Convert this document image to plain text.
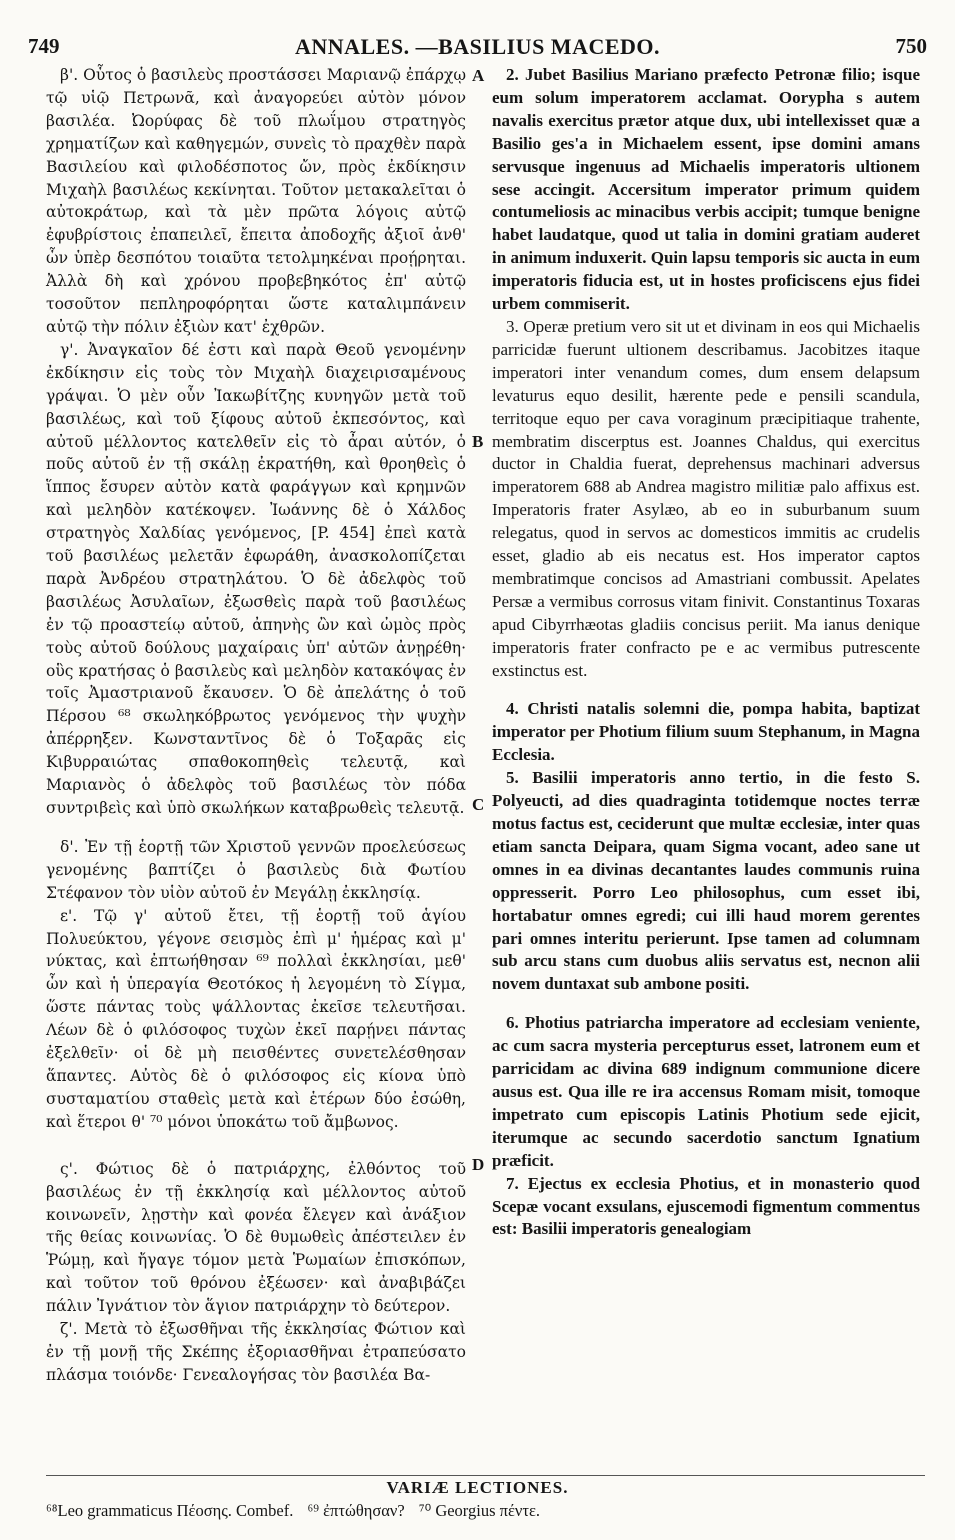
749	ANNALES. —BASILIUS MACEDO.	750

β'. Οὗτος ὁ βασιλεὺς προστάσσει Μαριανῷ ἐπάρχῳ τῷ υἱῷ Πετρωνᾶ, καὶ ἀναγορεύει αὐτὸν μόνον βασιλέα. Ὠορύφας δὲ τοῦ πλωΐμου στρατηγὸς χρηματίζων καὶ καθηγεμών, συνεὶς τὸ πραχθὲν παρὰ Βασιλείου καὶ φιλοδέσποτος ὤν, πρὸς ἐκδίκησιν Μιχαὴλ βασιλέως κεκίνηται. Τοῦτον μετακαλεῖται ὁ αὐτοκράτωρ, καὶ τὰ μὲν πρῶτα λόγοις αὐτῷ ἐφυβρίστοις ἐπαπειλεῖ, ἔπειτα ἀποδοχῆς ἀξιοῖ ἀνθ' ὧν ὑπὲρ δεσπότου τοιαῦτα τετολμηκέναι προῄρηται. Ἀλλὰ δὴ καὶ χρόνου προβεβηκότος ἐπ' αὐτῷ τοσοῦτον πεπληροφόρηται ὥστε καταλιμπάνειν αὐτῷ τὴν πόλιν ἐξιὼν κατ' ἐχθρῶν.

γ'. Ἀναγκαῖον δέ ἐστι καὶ παρὰ Θεοῦ γενομένην ἐκδίκησιν εἰς τοὺς τὸν Μιχαὴλ διαχειρισαμένους γράψαι. Ὁ μὲν οὖν Ἰακωβίτζης κυνηγῶν μετὰ τοῦ βασιλέως, καὶ τοῦ ξίφους αὐτοῦ ἐκπεσόντος, καὶ αὐτοῦ μέλλοντος κατελθεῖν εἰς τὸ ἆραι αὐτόν, ὁ ποῦς αὐτοῦ ἐν τῇ σκάλῃ ἐκρατήθη, καὶ θροηθεὶς ὁ ἵππος ἔσυρεν αὐτὸν κατὰ φαράγγων καὶ κρημνῶν καὶ μεληδὸν κατέκοψεν. Ἰωάννης δὲ ὁ Χάλδος στρατηγὸς Χαλδίας γενόμενος, [P. 454] ἐπεὶ κατὰ τοῦ βασιλέως μελετᾶν ἐφωράθη, ἀνασκολοπίζεται παρὰ Ἀνδρέου στρατηλάτου. Ὁ δὲ ἀδελφὸς τοῦ βασιλέως Ἀσυλαῖων, ἐξωσθεὶς παρὰ τοῦ βασιλέως ἐν τῷ προαστείῳ αὐτοῦ, ἀπηνὴς ὢν καὶ ὠμὸς πρὸς τοὺς αὐτοῦ δούλους μαχαίραις ὑπ' αὐτῶν ἀνῃρέθη· οὓς κρατήσας ὁ βασιλεὺς καὶ μεληδὸν κατακόψας ἐν τοῖς Ἀμαστριανοῦ ἔκαυσεν. Ὁ δὲ ἀπελάτης ὁ τοῦ Πέρσου ⁶⁸ σκωληκόβρωτος γενόμενος τὴν ψυχὴν ἀπέρρηξεν. Κωνσταντῖνος δὲ ὁ Τοξαρᾶς εἰς Κιβυρραιώτας σπαθοκοπηθεὶς τελευτᾷ, καὶ Μαριανὸς ὁ ἀδελφὸς τοῦ βασιλέως τὸν πόδα συντριβεὶς καὶ ὑπὸ σκωλήκων καταβρωθεὶς τελευτᾷ.

δ'. Ἐν τῇ ἑορτῇ τῶν Χριστοῦ γεννῶν προελεύσεως γενομένης βαπτίζει ὁ βασιλεὺς διὰ Φωτίου Στέφανον τὸν υἱὸν αὐτοῦ ἐν Μεγάλῃ ἐκκλησίᾳ.

ε'. Τῷ γ' αὐτοῦ ἔτει, τῇ ἑορτῇ τοῦ ἁγίου Πολυεύκτου, γέγονε σεισμὸς ἐπὶ μ' ἡμέρας καὶ μ' νύκτας, καὶ ἐπτωήθησαν ⁶⁹ πολλαὶ ἐκκλησίαι, μεθ' ὧν καὶ ἡ ὑπεραγία Θεοτόκος ἡ λεγομένη τὸ Σίγμα, ὥστε πάντας τοὺς ψάλλοντας ἐκεῖσε τελευτῆσαι. Λέων δὲ ὁ φιλόσοφος τυχὼν ἐκεῖ παρῄνει πάντας ἐξελθεῖν· οἱ δὲ μὴ πεισθέντες συνετελέσθησαν ἅπαντες. Αὐτὸς δὲ ὁ φιλόσοφος εἰς κίονα ὑπὸ συσταματίου σταθεὶς μετὰ καὶ ἑτέρων δύο ἐσώθη, καὶ ἕτεροι θ' ⁷⁰ μόνοι ὑποκάτω τοῦ ἄμβωνος.

ς'. Φώτιος δὲ ὁ πατριάρχης, ἐλθόντος τοῦ βασιλέως ἐν τῇ ἐκκλησίᾳ καὶ μέλλοντος αὐτοῦ κοινωνεῖν, λῃστὴν καὶ φονέα ἔλεγεν καὶ ἀνάξιον τῆς θείας κοινωνίας. Ὁ δὲ θυμωθεὶς ἀπέστειλεν ἐν Ῥώμῃ, καὶ ἤγαγε τόμον μετὰ Ῥωμαίων ἐπισκόπων, καὶ τοῦτον τοῦ θρόνου ἐξέωσεν· καὶ ἀναβιβάζει πάλιν Ἰγνάτιον τὸν ἅγιον πατριάρχην τὸ δεύτερον.

ζ'. Μετὰ τὸ ἐξωσθῆναι τῆς ἐκκλησίας Φώτιον καὶ ἐν τῇ μονῇ τῆς Σκέπης ἐξοριασθῆναι ἐτραπεύσατο πλάσμα τοιόνδε· Γενεαλογήσας τὸν βασιλέα Βα-

2. Jubet Basilius Mariano præfecto Petronæ filio; isque eum solum imperatorem acclamat. Oorypha s autem navalis exercitus prætor atque dux, ubi intellexisset quæ a Basilio ges'a in Michaelem essent, ipse domini amans servusque ingenuus ad Michaelis imperatoris ultionem sese accingit. Accersitum imperator primum quidem contumeliosis ac minacibus verbis accipit; tumque benigne habet laudatque, quod ut talia in domini gratiam auderet in animum induxerit. Quin lapsu temporis sic aucta in eum imperatoris fiducia est, ut in hostes proficiscens ejus fidei urbem commiserit.

3. Operæ pretium vero sit ut et divinam in eos qui Michaelis parricidæ fuerunt ultionem describamus. Jacobitzes itaque imperatori inter venandum comes, dum ensem delapsum levaturus equo desilit, hærente pede e pensili scandula, territoque equo per cava voraginum præcipitiaque trahente, membratim discerptus est. Joannes Chaldus, qui exercitus ductor in Chaldia fuerat, deprehensus machinari adversus imperatorem 688 ab Andrea magistro militiæ palo affixus est. Imperatoris frater Asylæo, ab eo in suburbanum suum relegatus, quod in servos ac domesticos immitis ac crudelis esset, gladio ab eis necatus est. Hos imperator captos membratimque concisos ad Amastriani combussit. Apelates Persæ a vermibus corrosus vitam finivit. Constantinus Toxaras apud Cibyrrhæotas gladiis concisus periit. Ma ianus denique imperatoris frater confracto pe e ac vermibus putrescente exstinctus est.

4. Christi natalis solemni die, pompa habita, baptizat imperator per Photium filium suum Stephanum, in Magna Ecclesia.

5. Basilii imperatoris anno tertio, in die festo S. Polyeucti, ad dies quadraginta totidemque noctes terræ motus factus est, ceciderunt que multæ ecclesiæ, inter quas etiam sancta Deipara, quam Sigma vocant, adeo sane ut omnes in ea divinas decantantes laudes communis ruina oppresserit. Porro Leo philosophus, cum esset ibi, hortabatur omnes egredi; cui illi haud morem gerentes pari omnes interitu perierunt. Ipse tamen ad columnam sub arcu stans cum duobus aliis servatus est, necnon alii novem duntaxat sub ambone positi.

6. Photius patriarcha imperatore ad ecclesiam veniente, ac cum sacra mysteria percepturus esset, latronem eum et parricidam ac divina 689 indignum communione dicere ausus est. Qua ille re ira accensus Romam misit, tomoque impetrato cum episcopis Latinis Photium sede ejicit, iterumque ac secundo sacerdotio sanctum Ignatium præficit.

7. Ejectus ex ecclesia Photius, et in monasterio quod Scepæ vocant exsulans, ejuscemodi figmentum commentus est: Basilii imperatoris genealogiam

A
B
C
D
VARIÆ LECTIONES.
⁶⁸Leo grammaticus Πέοσης. Combef. ⁶⁹ ἐπτώθησαν? ⁷⁰ Georgius πέντε.
